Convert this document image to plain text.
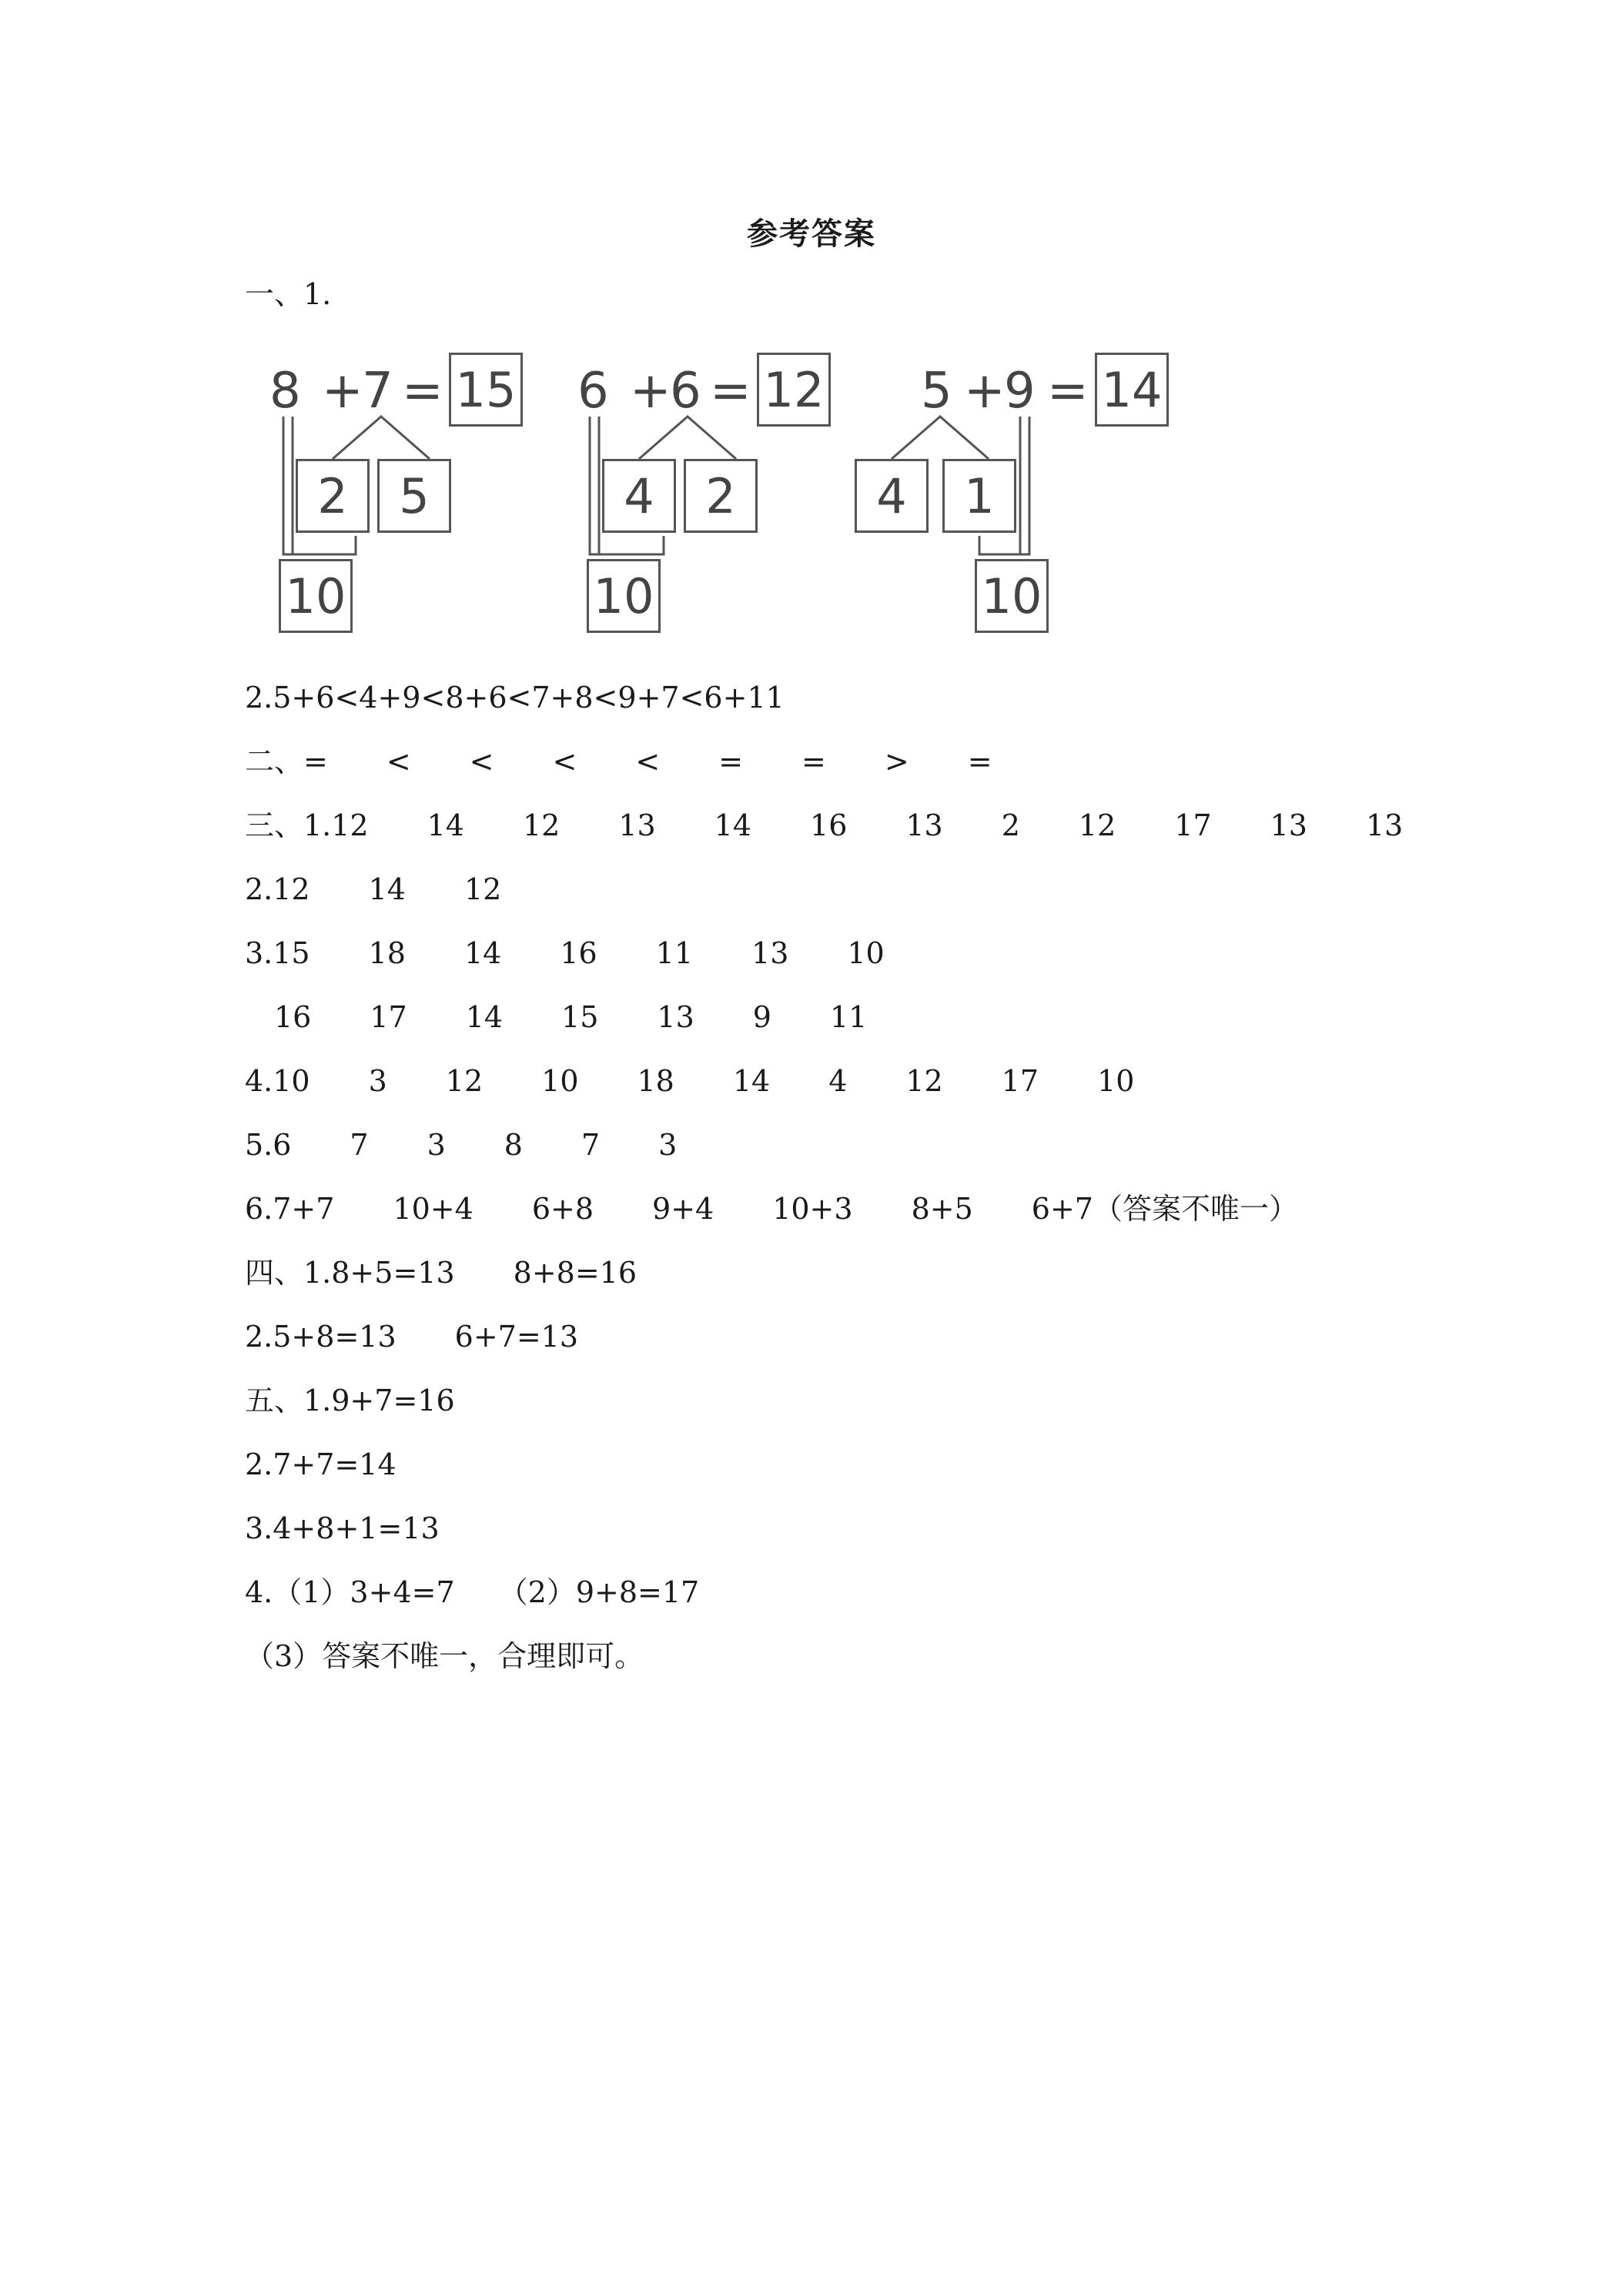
参考答案
一、1.
8 +
7 = 15
2	5
10
6 +
6 = 12
4	2
10
5 +
9 = 14
4	1
10
2.5+6<4+9<8+6<7+8<9+7<6+11
二、=　　<　　<　　<　　<　　=　　=　　>　　=
三、1.12　　14　　12　　13　　14　　16　　13　　2　　12　　17　　13　　13
2.12　　14　　12
3.15　　18　　14　　16　　11　　13　　10
　16　　17　　14　　15　　13　　9　　11
4.10　　3　　12　　10　　18　　14　　4　　12　　17　　10
5.6　　7　　3　　8　　7　　3
6.7+7　　10+4　　6+8　　9+4　　10+3　　8+5　　6+7（答案不唯一）
四、1.8+5=13　　8+8=16
2.5+8=13　　6+7=13
五、1.9+7=16
2.7+7=14
3.4+8+1=13
4.（1）3+4=7　　（2）9+8=17
（3）答案不唯一，合理即可。
